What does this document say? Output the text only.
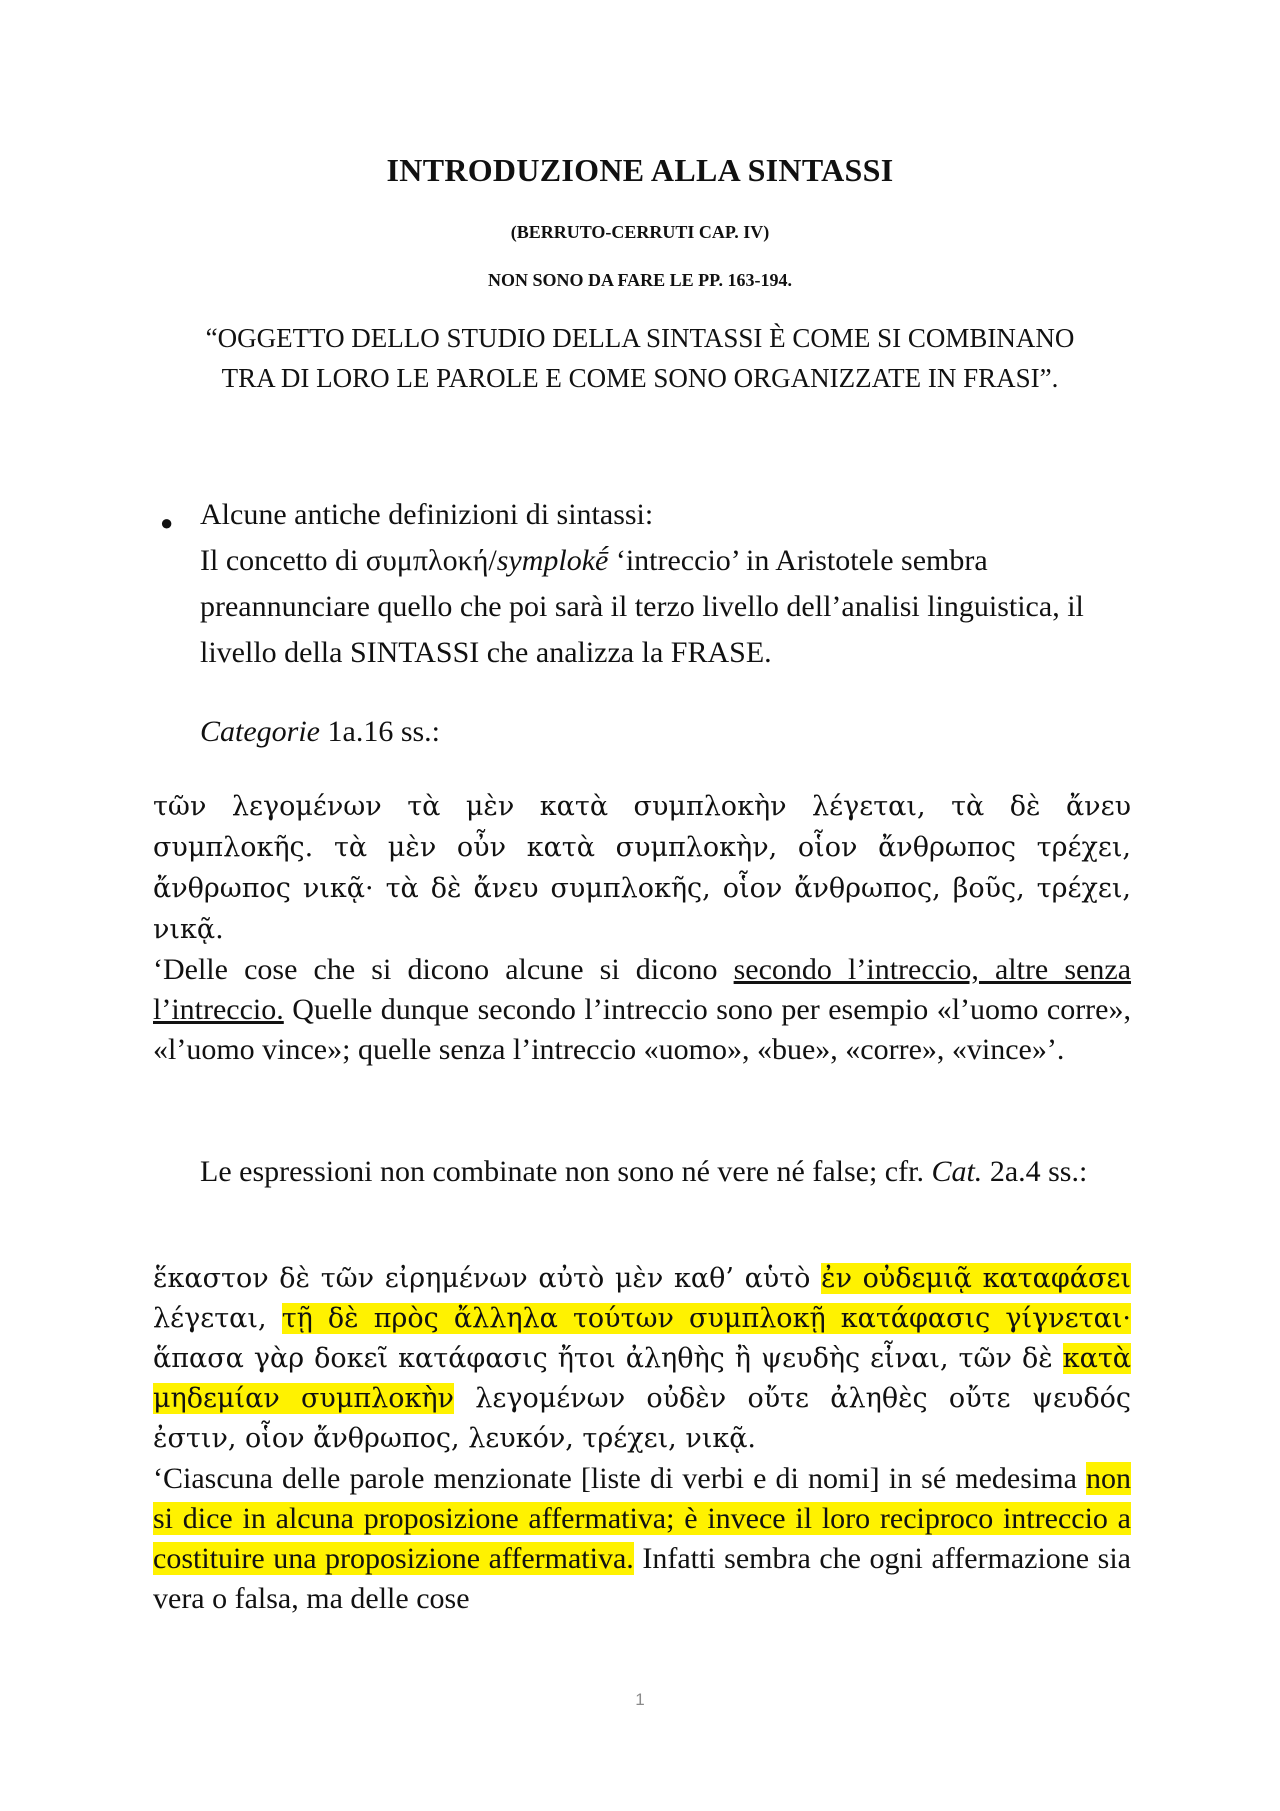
INTRODUZIONE ALLA SINTASSI
(BERRUTO-CERRUTI CAP. IV)
NON SONO DA FARE LE PP. 163-194.
“OGGETTO DELLO STUDIO DELLA SINTASSI È COME SI COMBINANO
TRA DI LORO LE PAROLE E COME SONO ORGANIZZATE IN FRASI”.
● Alcune antiche definizioni di sintassi:
Il concetto di συμπλοκή/symplokḗ ‘intreccio’ in Aristotele sembra preannunciare quello che poi sarà il terzo livello dell’analisi linguistica, il livello della SINTASSI che analizza la FRASE.
Categorie 1a.16 ss.:
τῶν λεγομένων τὰ μὲν κατὰ συμπλοκὴν λέγεται, τὰ δὲ ἄνευ συμπλοκῆς. τὰ μὲν οὖν κατὰ συμπλοκὴν, οἷον ἄνθρωπος τρέχει, ἄνθρωπος νικᾷ· τὰ δὲ ἄνευ συμπλοκῆς, οἷον ἄνθρωπος, βοῦς, τρέχει, νικᾷ.
‘Delle cose che si dicono alcune si dicono secondo l’intreccio, altre senza l’intreccio. Quelle dunque secondo l’intreccio sono per esempio «l’uomo corre», «l’uomo vince»; quelle senza l’intreccio «uomo», «bue», «corre», «vince»’.
Le espressioni non combinate non sono né vere né false; cfr. Cat. 2a.4 ss.:
ἕκαστον δὲ τῶν εἰρημένων αὐτὸ μὲν καθ’ αὑτὸ ἐν οὐδεμιᾷ καταφάσει λέγεται, τῇ δὲ πρὸς ἄλληλα τούτων συμπλοκῇ κατάφασις γίγνεται· ἅπασα γὰρ δοκεῖ κατάφασις ἤτοι ἀληθὴς ἢ ψευδὴς εἶναι, τῶν δὲ κατὰ μηδεμίαν συμπλοκὴν λεγομένων οὐδὲν οὔτε ἀληθὲς οὔτε ψευδός ἐστιν, οἷον ἄνθρωπος, λευκόν, τρέχει, νικᾷ.
‘Ciascuna delle parole menzionate [liste di verbi e di nomi] in sé medesima non si dice in alcuna proposizione affermativa; è invece il loro reciproco intreccio a costituire una proposizione affermativa. Infatti sembra che ogni affermazione sia vera o falsa, ma delle cose
1
